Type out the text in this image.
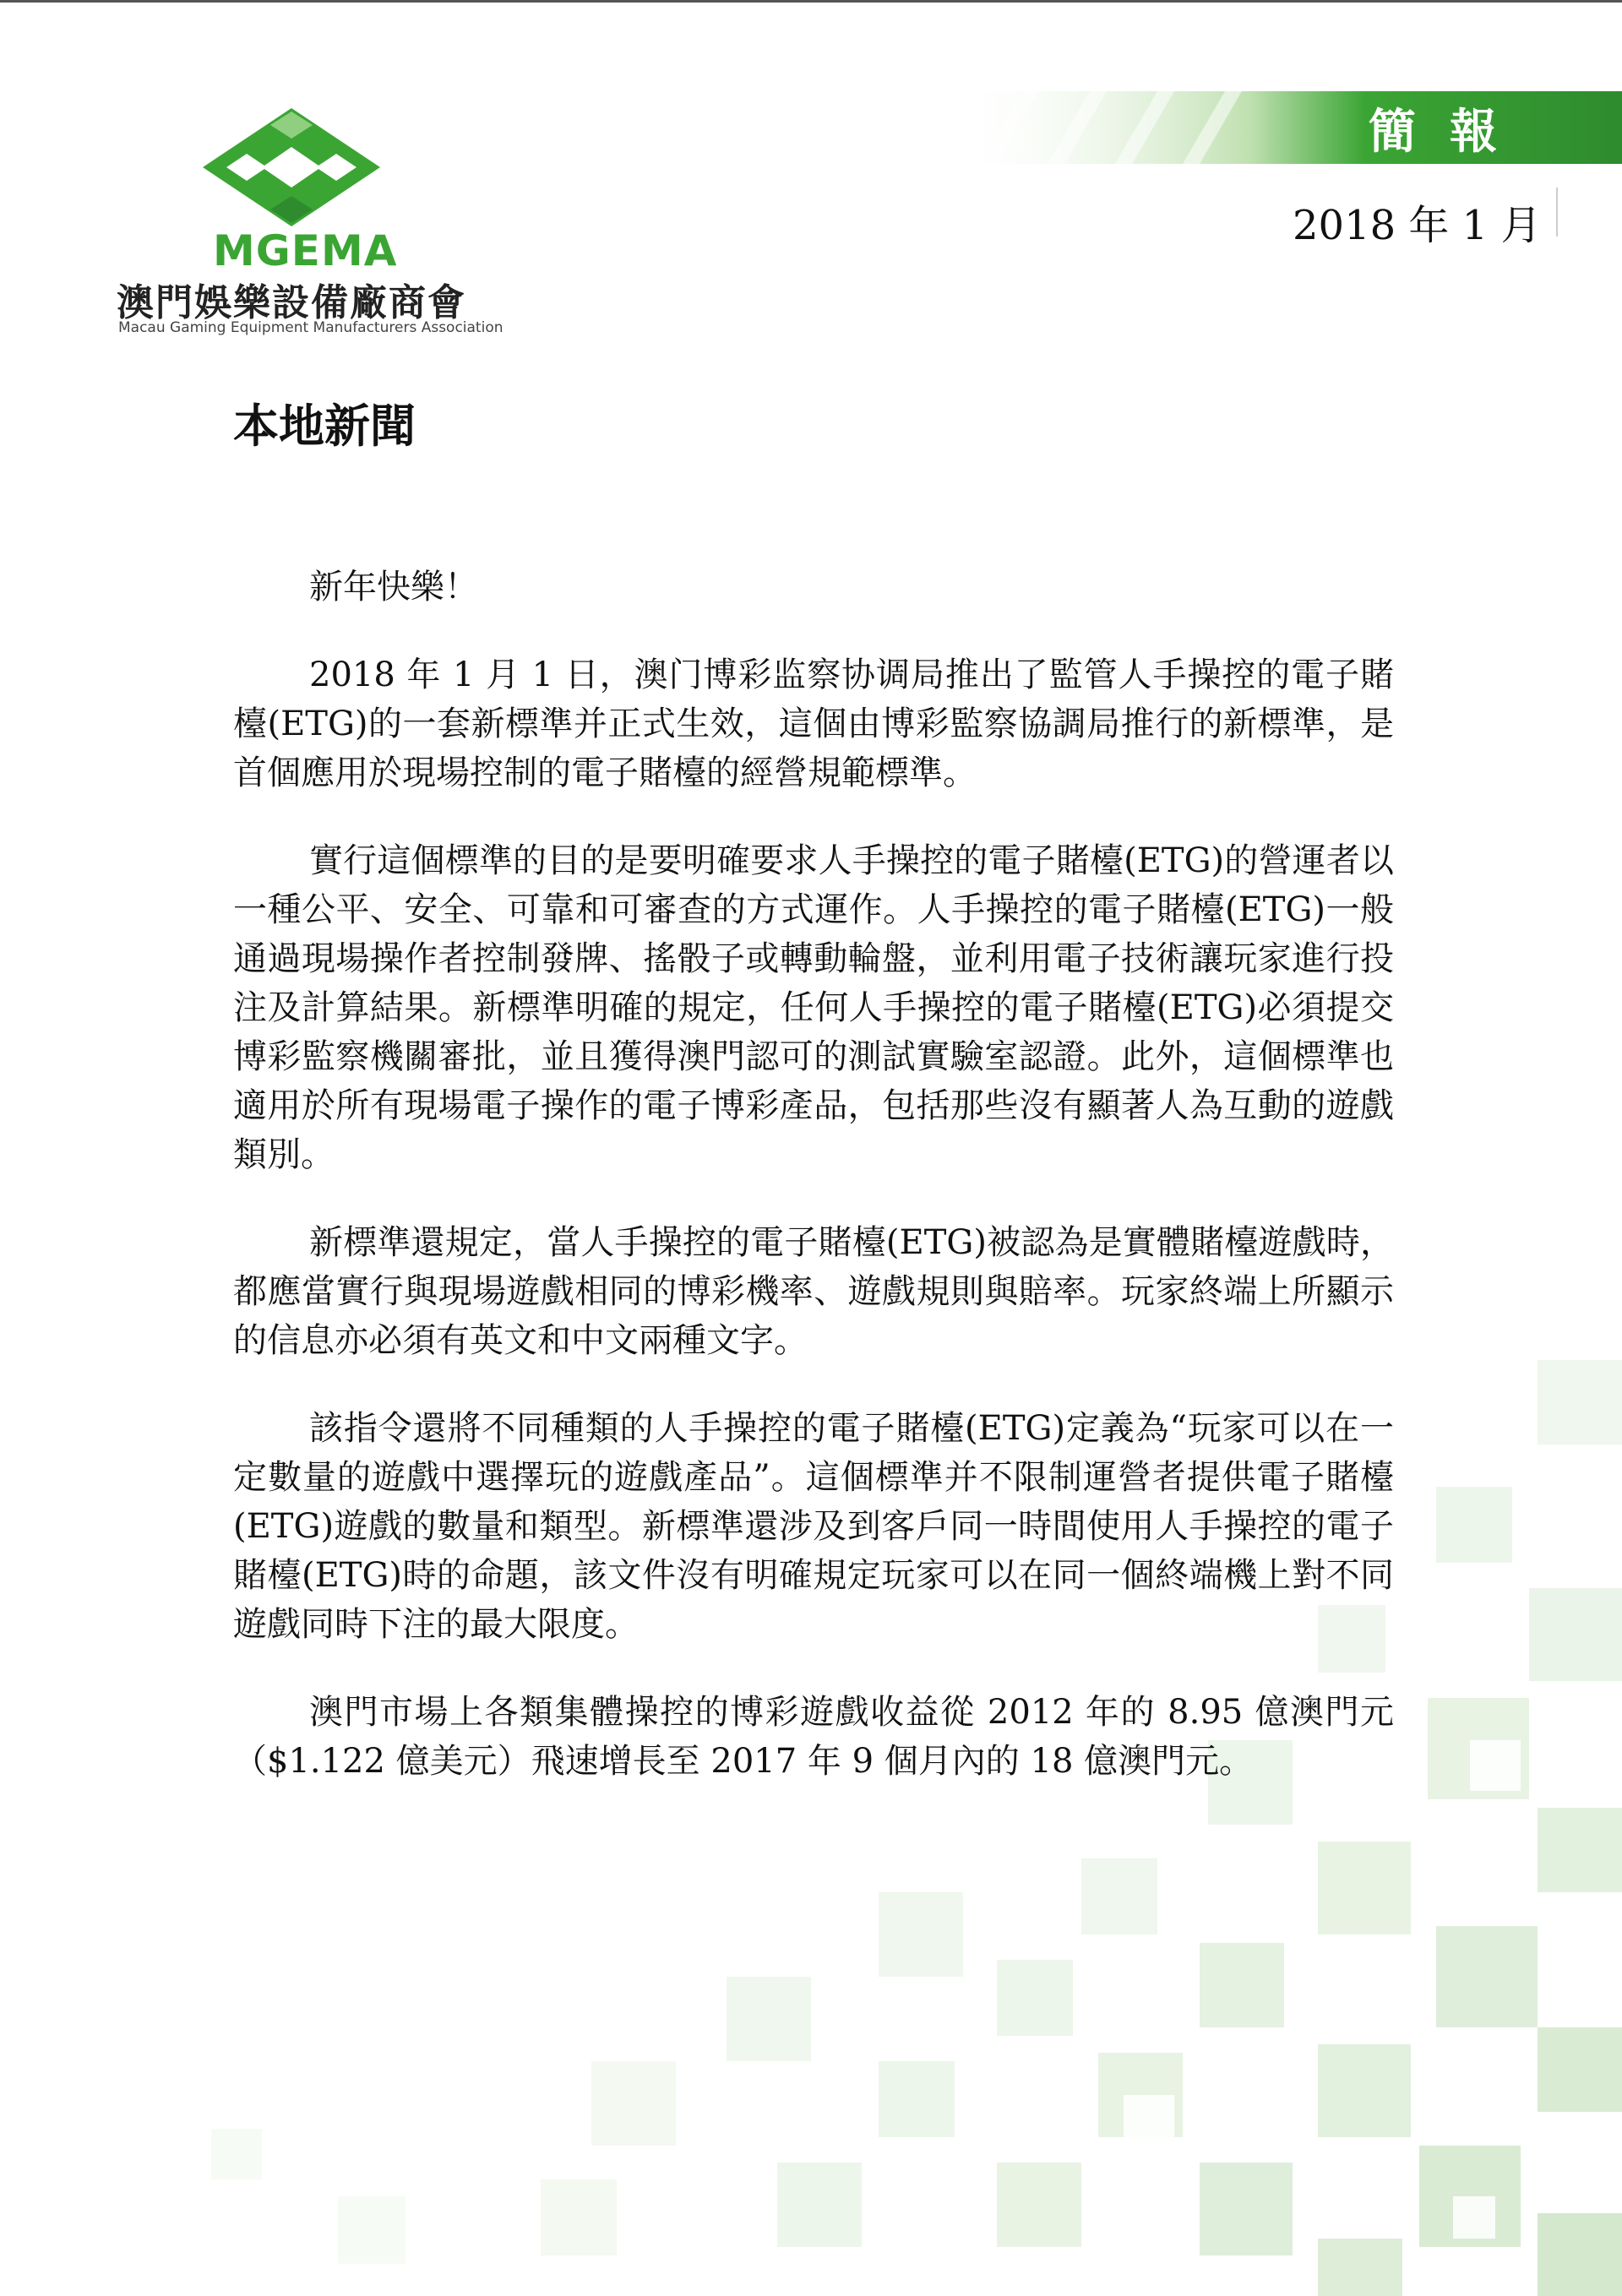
MGEMA
澳門娛樂設備廠商會
Macau Gaming Equipment Manufacturers Association
簡報
2018 年 1 月
本地新聞

新年快樂！

2018 年 1 月 1 日，澳门博彩监察协调局推出了監管人手操控的電子賭檯(ETG)的一套新標準并正式生效，這個由博彩監察協調局推行的新標準，是首個應用於現場控制的電子賭檯的經營規範標準。

實行這個標準的目的是要明確要求人手操控的電子賭檯(ETG)的營運者以一種公平、安全、可靠和可審查的方式運作。人手操控的電子賭檯(ETG)一般通過現場操作者控制發牌、搖骰子或轉動輪盤，並利用電子技術讓玩家進行投注及計算結果。新標準明確的規定，任何人手操控的電子賭檯(ETG)必須提交博彩監察機關審批，並且獲得澳門認可的測試實驗室認證。此外，這個標準也適用於所有現場電子操作的電子博彩產品，包括那些沒有顯著人為互動的遊戲類別。

新標準還規定，當人手操控的電子賭檯(ETG)被認為是實體賭檯遊戲時，都應當實行與現場遊戲相同的博彩機率、遊戲規則與賠率。玩家終端上所顯示的信息亦必須有英文和中文兩種文字。

該指令還將不同種類的人手操控的電子賭檯(ETG)定義為“玩家可以在一定數量的遊戲中選擇玩的遊戲產品”。這個標準并不限制運營者提供電子賭檯(ETG)遊戲的數量和類型。新標準還涉及到客戶同一時間使用人手操控的電子賭檯(ETG)時的命題，該文件沒有明確規定玩家可以在同一個終端機上對不同遊戲同時下注的最大限度。

澳門市場上各類集體操控的博彩遊戲收益從 2012 年的 8.95 億澳門元（$1.122 億美元）飛速增長至 2017 年 9 個月內的 18 億澳門元。
